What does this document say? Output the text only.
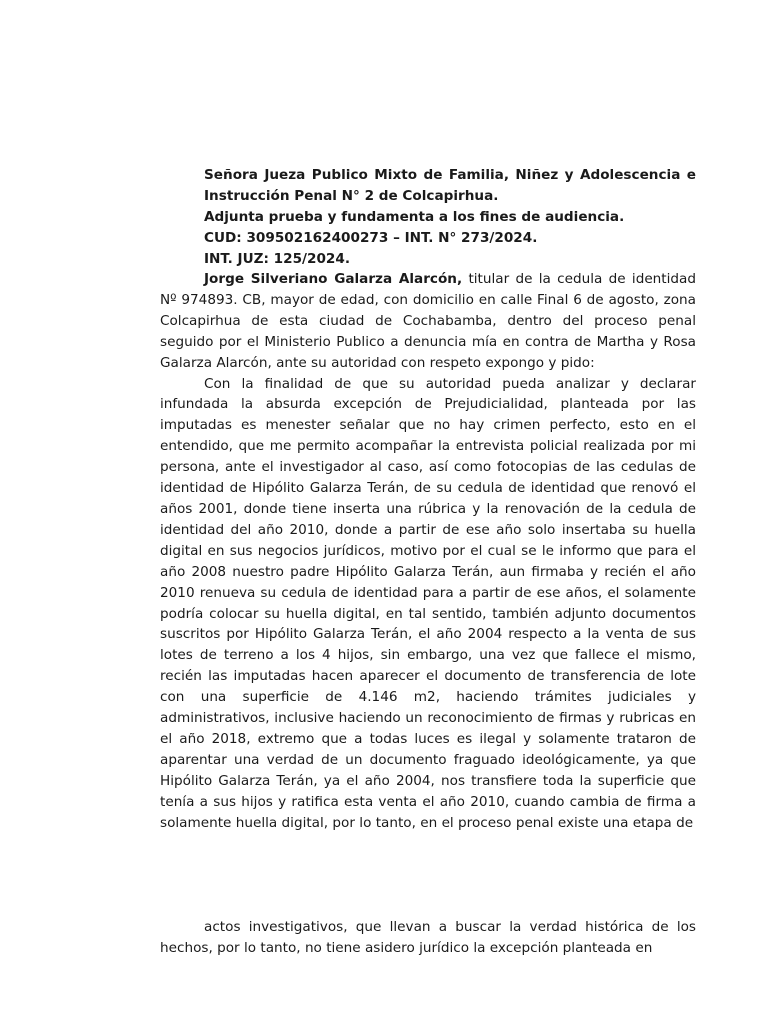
Señora Jueza Publico Mixto de Familia, Niñez y Adolescencia e Instrucción Penal N° 2 de Colcapirhua.

Adjunta prueba y fundamenta a los fines de audiencia.

CUD: 309502162400273 – INT. N° 273/2024.

INT. JUZ: 125/2024.

Jorge Silveriano Galarza Alarcón, titular de la cedula de identidad Nº 974893. CB, mayor de edad, con domicilio en calle Final 6 de agosto, zona Colcapirhua de esta ciudad de Cochabamba, dentro del proceso penal seguido por el Ministerio Publico a denuncia mía en contra de Martha y Rosa Galarza Alarcón, ante su autoridad con respeto expongo y pido:

Con la finalidad de que su autoridad pueda analizar y declarar infundada la absurda excepción de Prejudicialidad, planteada por las imputadas es menester señalar que no hay crimen perfecto, esto en el entendido, que me permito acompañar la entrevista policial realizada por mi persona, ante el investigador al caso, así como fotocopias de las cedulas de identidad de Hipólito Galarza Terán, de su cedula de identidad que renovó el años 2001, donde tiene inserta una rúbrica y la renovación de la cedula de identidad del año 2010, donde a partir de ese año solo insertaba su huella digital en sus negocios jurídicos, motivo por el cual se le informo que para el año 2008 nuestro padre Hipólito Galarza Terán, aun firmaba y recién el año 2010 renueva su cedula de identidad para a partir de ese años, el solamente podría colocar su huella digital, en tal sentido, también adjunto documentos suscritos por Hipólito Galarza Terán, el año 2004 respecto a la venta de sus lotes de terreno a los 4 hijos, sin embargo, una vez que fallece el mismo, recién las imputadas hacen aparecer el documento de transferencia de lote con una superficie de 4.146 m2, haciendo trámites judiciales y administrativos, inclusive haciendo un reconocimiento de firmas y rubricas en el año 2018, extremo que a todas luces es ilegal y solamente trataron de aparentar una verdad de un documento fraguado ideológicamente, ya que Hipólito Galarza Terán, ya el año 2004, nos transfiere toda la superficie que tenía a sus hijos y ratifica esta venta el año 2010, cuando cambia de firma a solamente huella digital, por lo tanto, en el proceso penal existe una etapa de

actos investigativos, que llevan a buscar la verdad histórica de los hechos, por lo tanto, no tiene asidero jurídico la excepción planteada en
